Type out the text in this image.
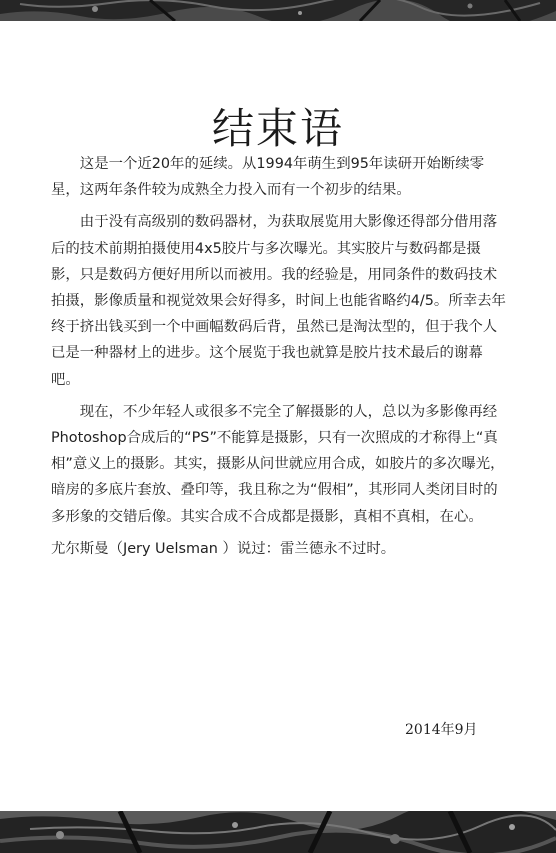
结束语

这是一个近20年的延续。从1994年萌生到95年读研开始断续零星，这两年条件较为成熟全力投入而有一个初步的结果。

由于没有高级别的数码器材，为获取展览用大影像还得部分借用落后的技术前期拍摄使用4x5胶片与多次曝光。其实胶片与数码都是摄影，只是数码方便好用所以而被用。我的经验是，用同条件的数码技术拍摄，影像质量和视觉效果会好得多，时间上也能省略约4/5。所幸去年终于挤出钱买到一个中画幅数码后背，虽然已是淘汰型的，但于我个人已是一种器材上的进步。这个展览于我也就算是胶片技术最后的谢幕吧。

现在，不少年轻人或很多不完全了解摄影的人，总以为多影像再经Photoshop合成后的“PS”不能算是摄影，只有一次照成的才称得上“真相”意义上的摄影。其实，摄影从问世就应用合成，如胶片的多次曝光，暗房的多底片套放、叠印等，我且称之为“假相”，其形同人类闭目时的多形象的交错后像。其实合成不合成都是摄影，真相不真相，在心。

尤尔斯曼（Jery Uelsman ）说过：雷兰德永不过时。

2014年9月
